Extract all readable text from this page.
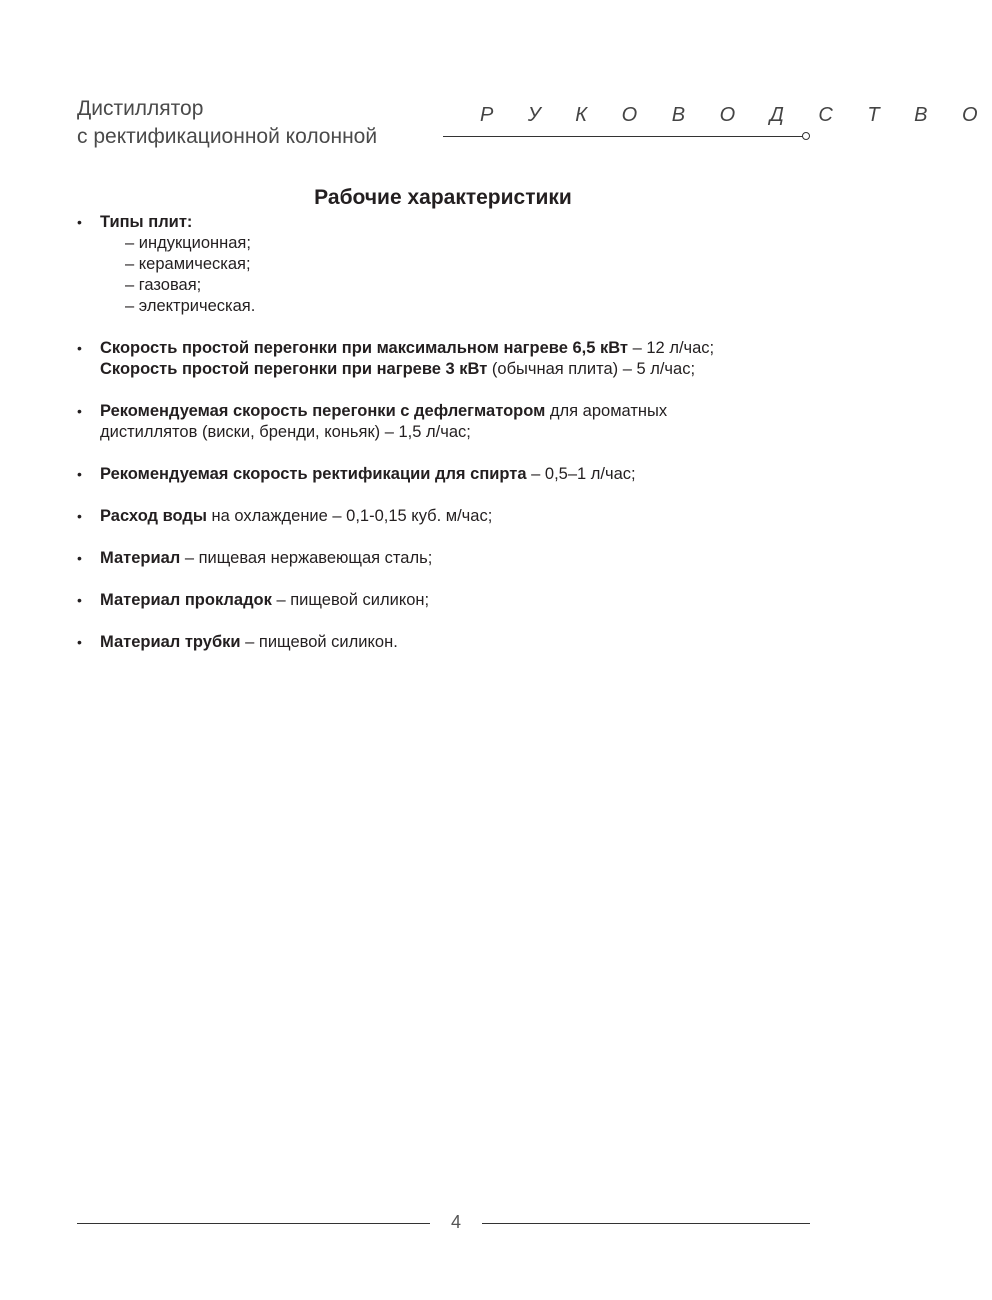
Дистиллятор
с ректификационной колонной
Р У К О В О Д С Т В О
Рабочие характеристики
• Типы плит:
– индукционная;
– керамическая;
– газовая;
– электрическая.
• Скорость простой перегонки при максимальном нагреве 6,5 кВт – 12 л/час;
Скорость простой перегонки при нагреве 3 кВт (обычная плита) – 5 л/час;
• Рекомендуемая скорость перегонки с дефлегматором для ароматных
дистиллятов (виски, бренди, коньяк) – 1,5 л/час;
• Рекомендуемая скорость ректификации для спирта – 0,5–1 л/час;
• Расход воды на охлаждение – 0,1-0,15 куб. м/час;
• Материал – пищевая нержавеющая сталь;
• Материал прокладок – пищевой силикон;
• Материал трубки – пищевой силикон.
4
